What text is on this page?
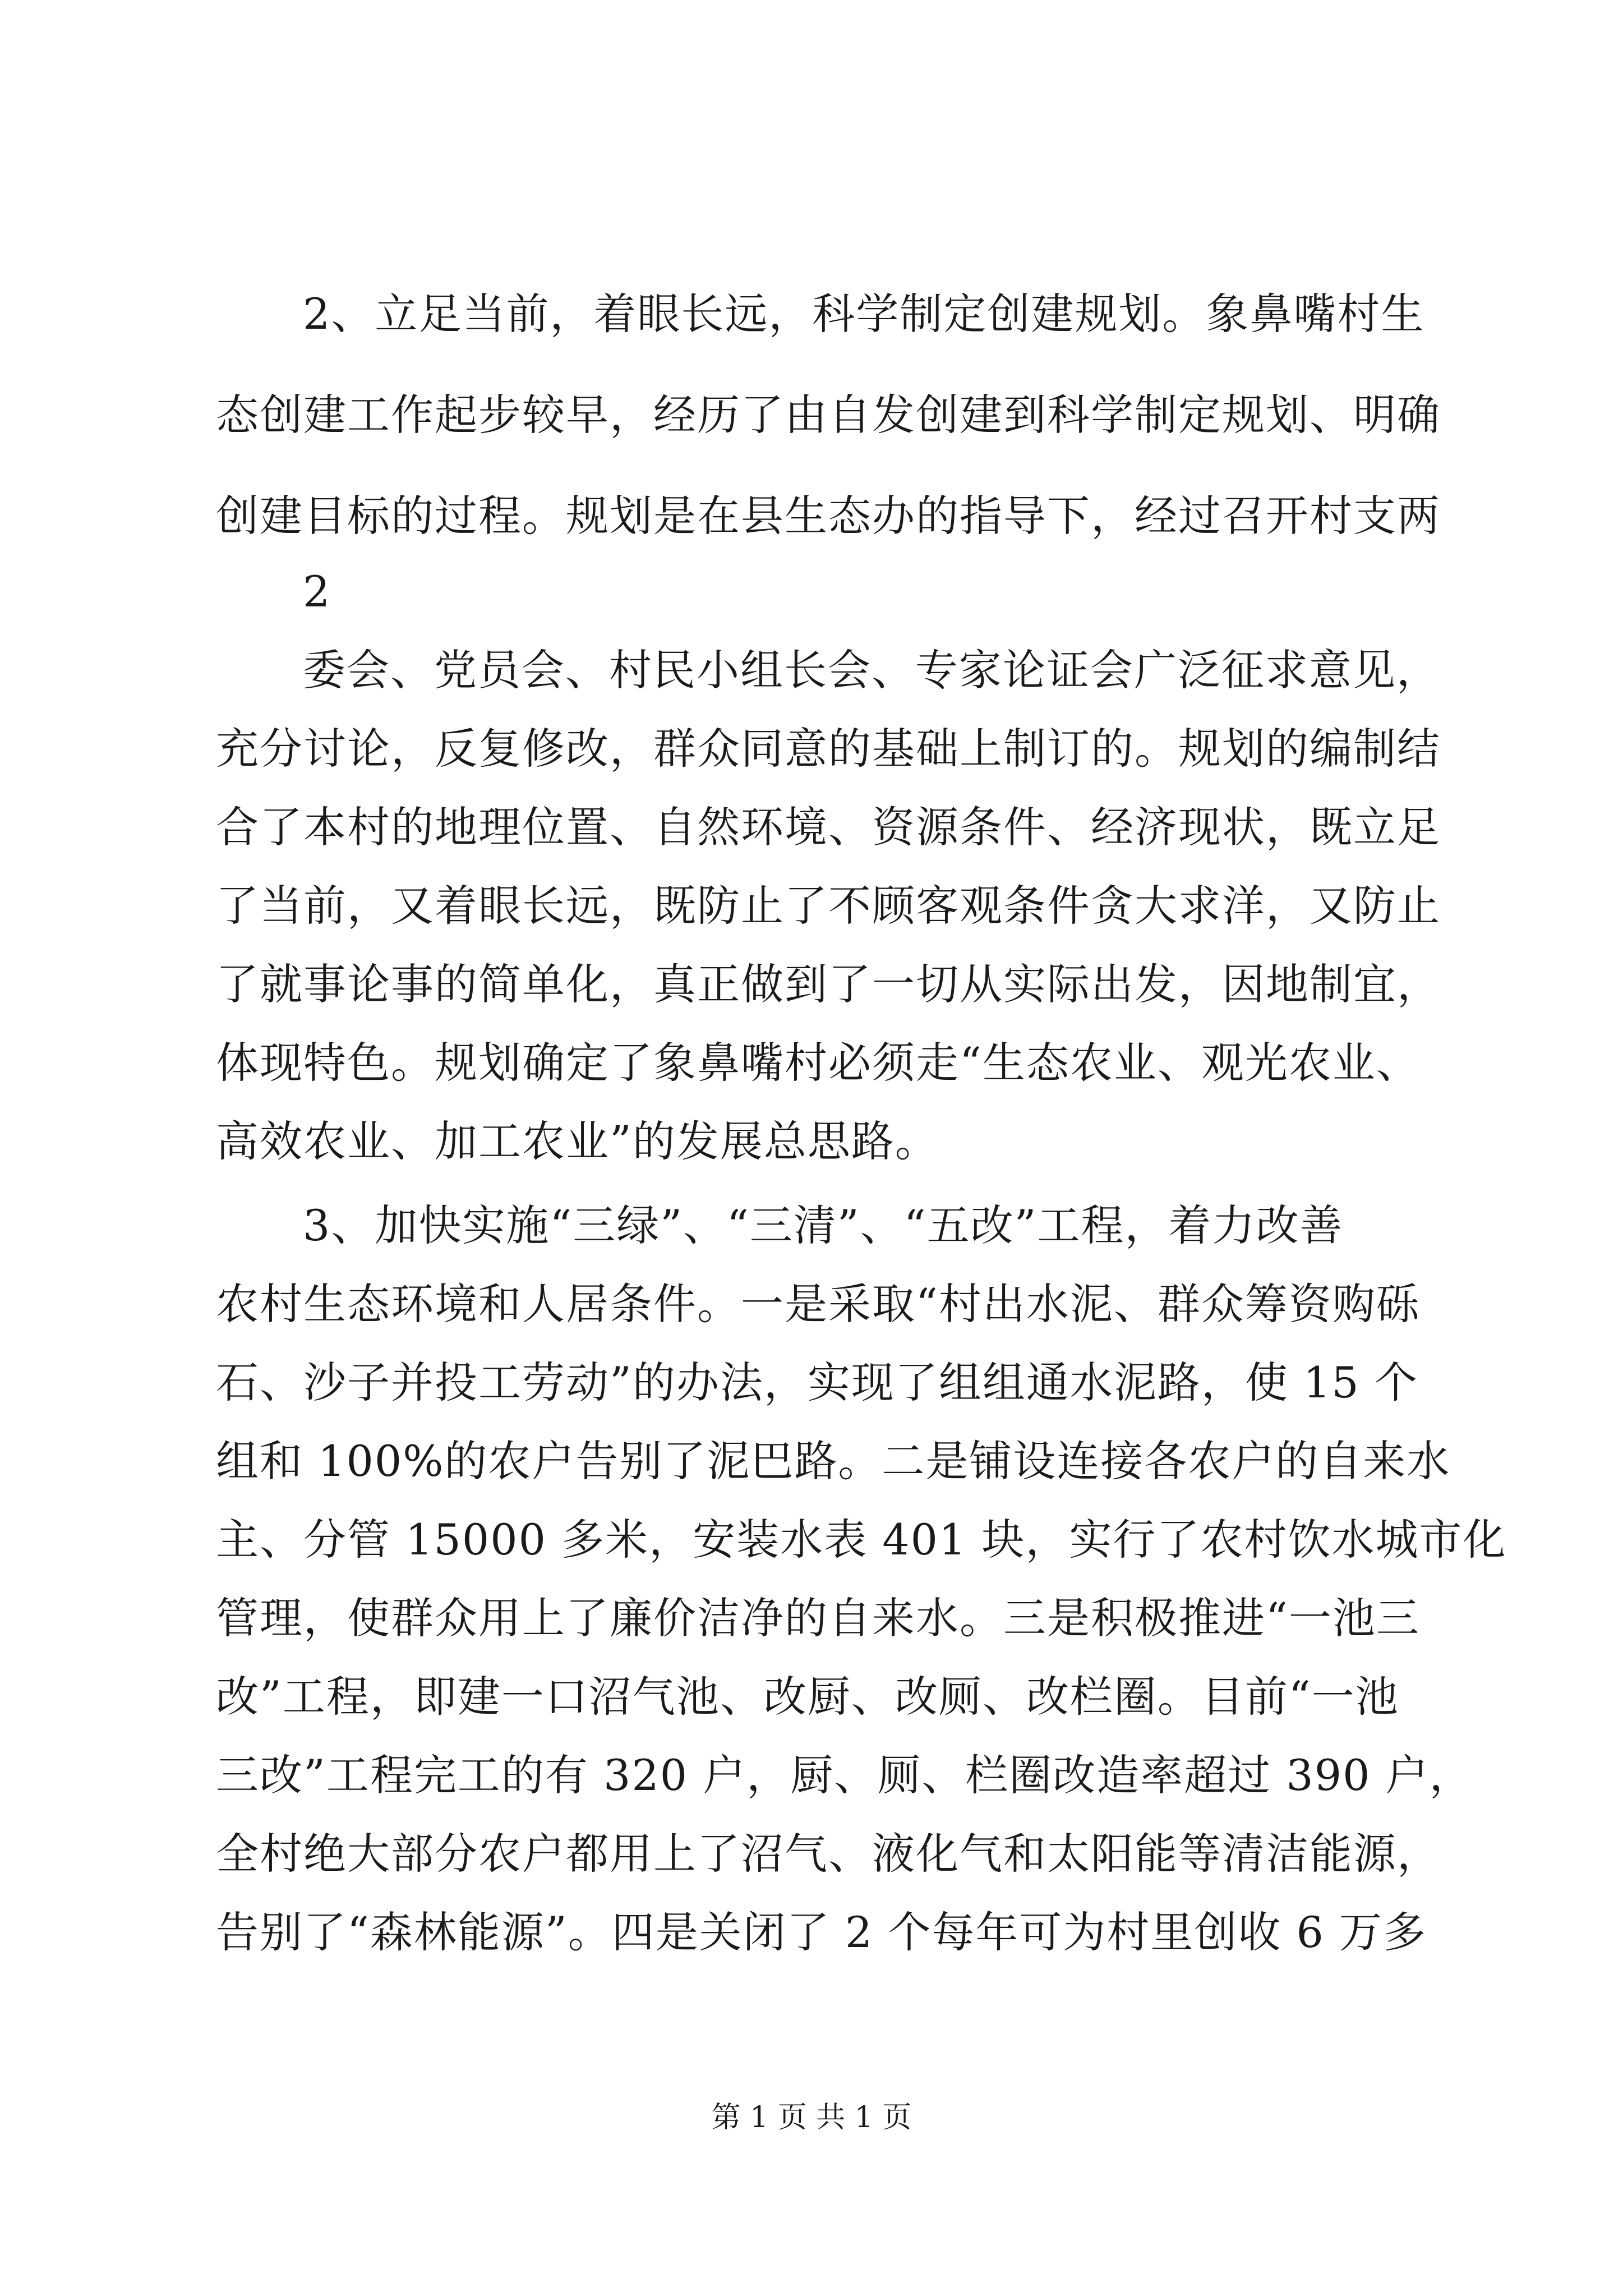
2、立足当前，着眼长远，科学制定创建规划。象鼻嘴村生
态创建工作起步较早，经历了由自发创建到科学制定规划、明确
创建目标的过程。规划是在县生态办的指导下，经过召开村支两
2
委会、党员会、村民小组长会、专家论证会广泛征求意见，
充分讨论，反复修改，群众同意的基础上制订的。规划的编制结
合了本村的地理位置、自然环境、资源条件、经济现状，既立足
了当前，又着眼长远，既防止了不顾客观条件贪大求洋，又防止
了就事论事的简单化，真正做到了一切从实际出发，因地制宜，
体现特色。规划确定了象鼻嘴村必须走“生态农业、观光农业、
高效农业、加工农业”的发展总思路。
3、加快实施“三绿”、“三清”、“五改”工程，着力改善
农村生态环境和人居条件。一是采取“村出水泥、群众筹资购砾
石、沙子并投工劳动”的办法，实现了组组通水泥路，使 15 个
组和 100%的农户告别了泥巴路。二是铺设连接各农户的自来水
主、分管 15000 多米，安装水表 401 块，实行了农村饮水城市化
管理，使群众用上了廉价洁净的自来水。三是积极推进“一池三
改”工程，即建一口沼气池、改厨、改厕、改栏圈。目前“一池
三改”工程完工的有 320 户，厨、厕、栏圈改造率超过 390 户，
全村绝大部分农户都用上了沼气、液化气和太阳能等清洁能源，
告别了“森林能源”。四是关闭了 2 个每年可为村里创收 6 万多
第 1 页 共 1 页
